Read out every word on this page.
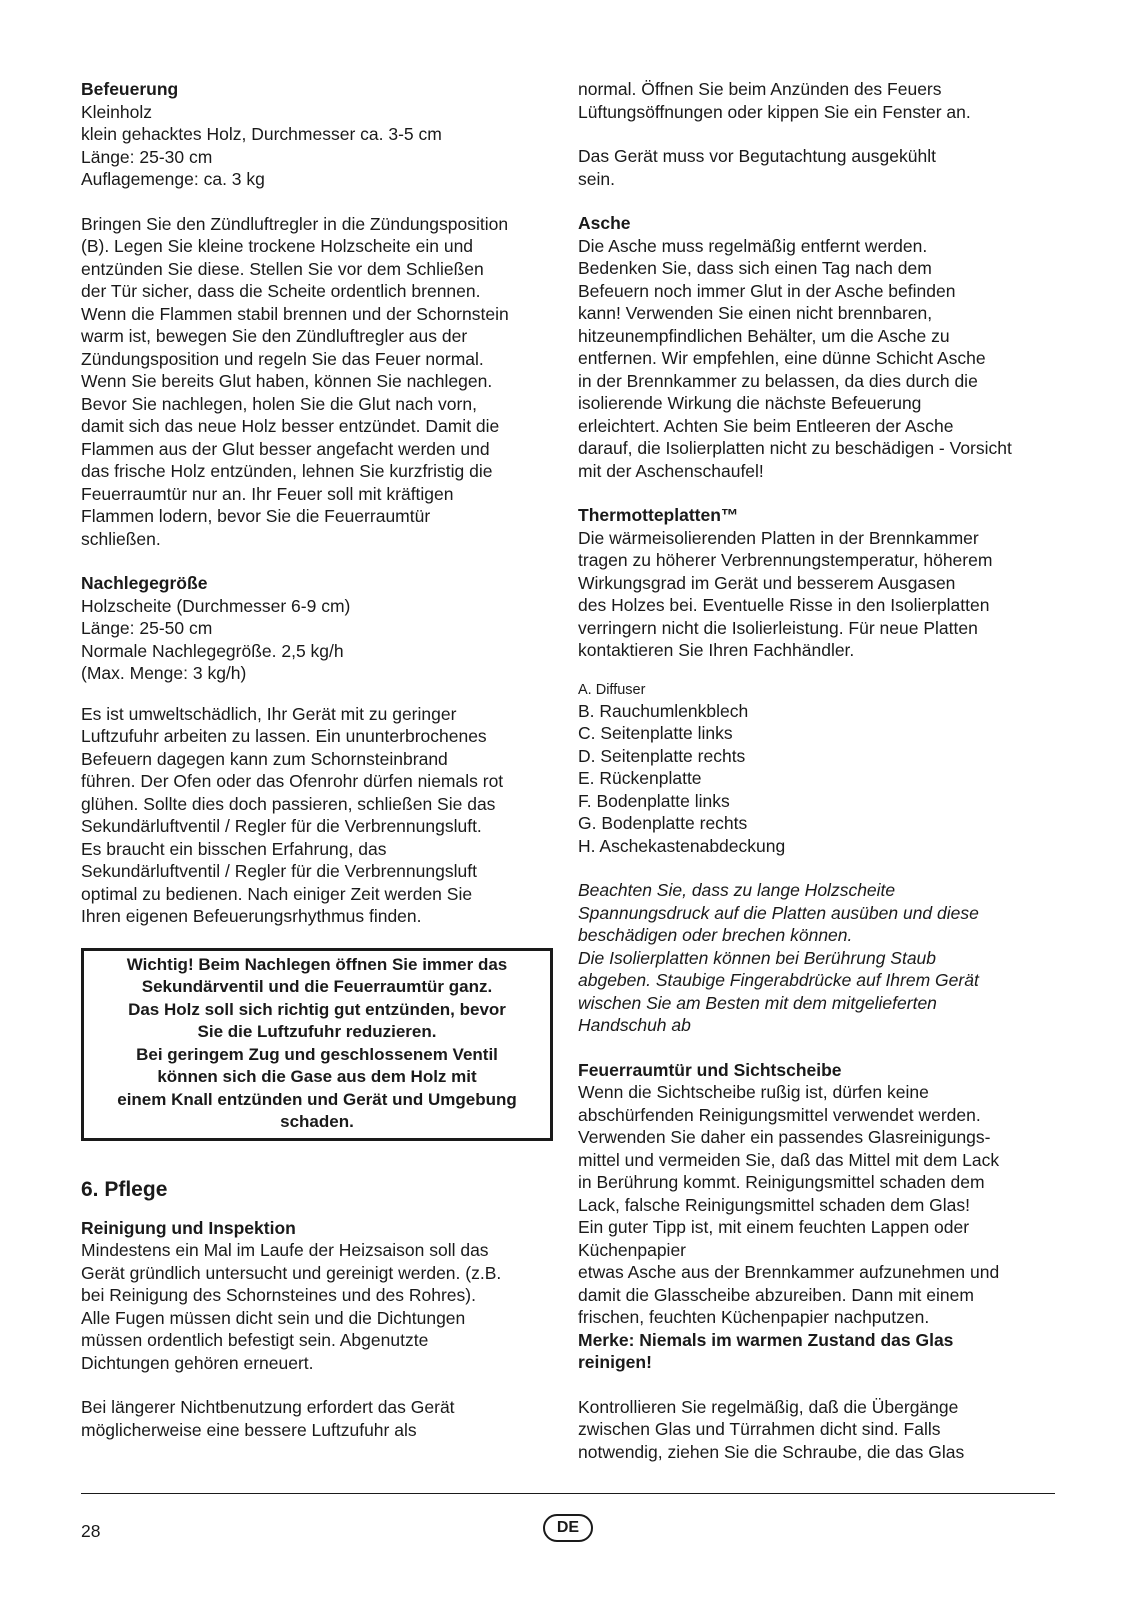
Befeuerung

Kleinholz

klein gehacktes Holz, Durchmesser ca. 3-5 cm

Länge: 25-30 cm

Auflagemenge: ca. 3 kg

Bringen Sie den Zündluftregler in die Zündungsposition

(B). Legen Sie kleine trockene Holzscheite ein und

entzünden Sie diese. Stellen Sie vor dem Schließen

der Tür sicher, dass die Scheite ordentlich brennen.

Wenn die Flammen stabil brennen und der Schornstein

warm ist, bewegen Sie den Zündluftregler aus der

Zündungsposition und regeln Sie das Feuer normal.

Wenn Sie bereits Glut haben, können Sie nachlegen.

Bevor Sie nachlegen, holen Sie die Glut nach vorn,

damit sich das neue Holz besser entzündet. Damit die

Flammen aus der Glut besser angefacht werden und

das frische Holz entzünden, lehnen Sie kurzfristig die

Feuerraumtür nur an. Ihr Feuer soll mit kräftigen

Flammen lodern, bevor Sie die Feuerraumtür

schließen.

Nachlegegröße

Holzscheite (Durchmesser 6-9 cm)

Länge: 25-50 cm

Normale Nachlegegröße. 2,5 kg/h

(Max. Menge: 3 kg/h)

Es ist umweltschädlich, Ihr Gerät mit zu geringer

Luftzufuhr arbeiten zu lassen. Ein ununterbrochenes

Befeuern dagegen kann zum Schornsteinbrand

führen. Der Ofen oder das Ofenrohr dürfen niemals rot

glühen. Sollte dies doch passieren, schließen Sie das

Sekundärluftventil / Regler für die Verbrennungsluft.

Es braucht ein bisschen Erfahrung, das

Sekundärluftventil / Regler für die Verbrennungsluft

optimal zu bedienen. Nach einiger Zeit werden Sie

Ihren eigenen Befeuerungsrhythmus finden.

Wichtig! Beim Nachlegen öffnen Sie immer das

Sekundärventil und die Feuerraumtür ganz.

Das Holz soll sich richtig gut entzünden, bevor

Sie die Luftzufuhr reduzieren.

Bei geringem Zug und geschlossenem Ventil

können sich die Gase aus dem Holz mit

einem Knall entzünden und Gerät und Umgebung

schaden.

6. Pflege

Reinigung und Inspektion

Mindestens ein Mal im Laufe der Heizsaison soll das

Gerät gründlich untersucht und gereinigt werden. (z.B.

bei Reinigung des Schornsteines und des Rohres).

Alle Fugen müssen dicht sein und die Dichtungen

müssen ordentlich befestigt sein. Abgenutzte

Dichtungen gehören erneuert.

Bei längerer Nichtbenutzung erfordert das Gerät

möglicherweise eine bessere Luftzufuhr als

normal. Öffnen Sie beim Anzünden des Feuers

Lüftungsöffnungen oder kippen Sie ein Fenster an.

Das Gerät muss vor Begutachtung ausgekühlt

sein.

Asche

Die Asche muss regelmäßig entfernt werden.

Bedenken Sie, dass sich einen Tag nach dem

Befeuern noch immer Glut in der Asche befinden

kann! Verwenden Sie einen nicht brennbaren,

hitzeunempfindlichen Behälter, um die Asche zu

entfernen. Wir empfehlen, eine dünne Schicht Asche

in der Brennkammer zu belassen, da dies durch die

isolierende Wirkung die nächste Befeuerung

erleichtert. Achten Sie beim Entleeren der Asche

darauf, die Isolierplatten nicht zu beschädigen - Vorsicht

mit der Aschenschaufel!

Thermotteplatten™

Die wärmeisolierenden Platten in der Brennkammer

tragen zu höherer Verbrennungstemperatur, höherem

Wirkungsgrad im Gerät und besserem Ausgasen

des Holzes bei. Eventuelle Risse in den Isolierplatten

verringern nicht die Isolierleistung. Für neue Platten

kontaktieren Sie Ihren Fachhändler.

A. Diffuser

B. Rauchumlenkblech

C. Seitenplatte links

D. Seitenplatte rechts

E. Rückenplatte

F. Bodenplatte links

G. Bodenplatte rechts

H. Aschekastenabdeckung

Beachten Sie, dass zu lange Holzscheite

Spannungsdruck auf die Platten ausüben und diese

beschädigen oder brechen können.

Die Isolierplatten können bei Berührung Staub

abgeben. Staubige Fingerabdrücke auf Ihrem Gerät

wischen Sie am Besten mit dem mitgelieferten

Handschuh ab

Feuerraumtür und Sichtscheibe

Wenn die Sichtscheibe rußig ist, dürfen keine

abschürfenden Reinigungsmittel verwendet werden.

Verwenden Sie daher ein passendes Glasreinigungs-

mittel und vermeiden Sie, daß das Mittel mit dem Lack

in Berührung kommt. Reinigungsmittel schaden dem

Lack, falsche Reinigungsmittel schaden dem Glas!

Ein guter Tipp ist, mit einem feuchten Lappen oder

Küchenpapier

etwas Asche aus der Brennkammer aufzunehmen und

damit die Glasscheibe abzureiben. Dann mit einem

frischen, feuchten Küchenpapier nachputzen.

Merke: Niemals im warmen Zustand das Glas

reinigen!

Kontrollieren Sie regelmäßig, daß die Übergänge

zwischen Glas und Türrahmen dicht sind. Falls

notwendig, ziehen Sie die Schraube, die das Glas

28	DE
